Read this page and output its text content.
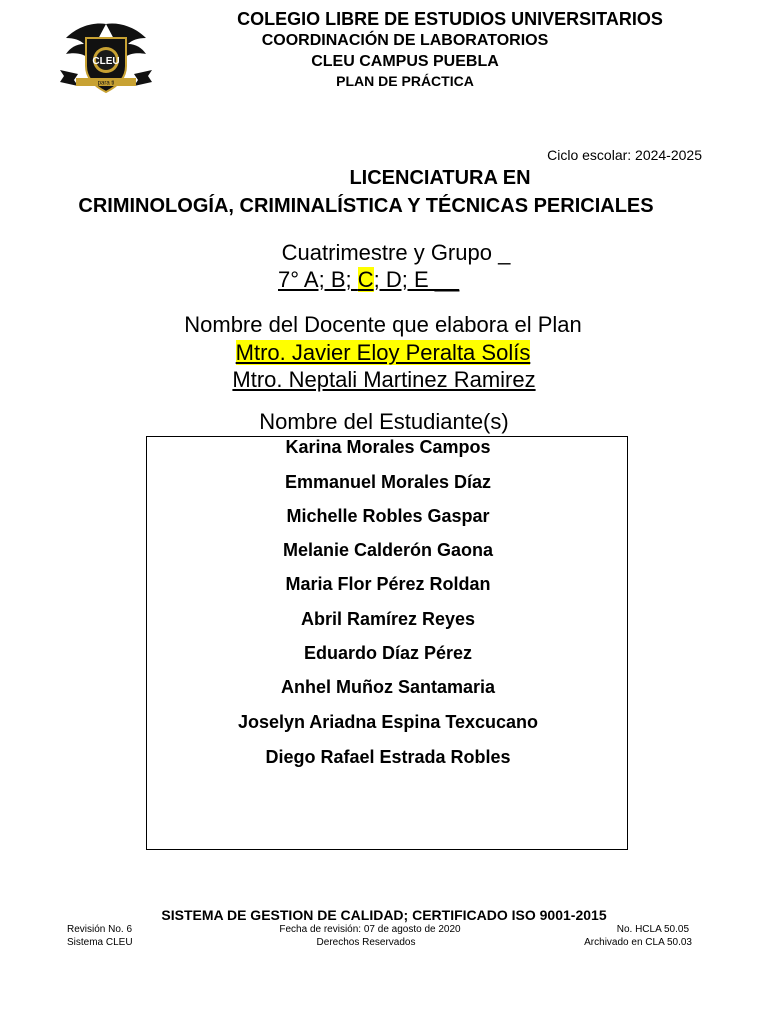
CLEU
para ti
COLEGIO LIBRE DE ESTUDIOS UNIVERSITARIOS
COORDINACIÓN DE LABORATORIOS
CLEU CAMPUS PUEBLA
PLAN DE PRÁCTICA
Ciclo escolar: 2024-2025
LICENCIATURA EN
CRIMINOLOGÍA, CRIMINALÍSTICA Y TÉCNICAS PERICIALES
Cuatrimestre y Grupo _
7° A; B; C; D; E __
Nombre del Docente que elabora el Plan
Mtro. Javier Eloy Peralta Solís
Mtro. Neptali Martinez Ramirez
Nombre del Estudiante(s)
Karina Morales Campos
Emmanuel Morales Díaz
Michelle Robles Gaspar
Melanie Calderón Gaona
Maria Flor Pérez Roldan
Abril Ramírez Reyes
Eduardo Díaz Pérez
Anhel Muñoz Santamaria
Joselyn Ariadna Espina Texcucano
Diego Rafael Estrada Robles
SISTEMA DE GESTION DE CALIDAD; CERTIFICADO ISO 9001-2015
Revisión No. 6
Sistema CLEU
Fecha de revisión: 07 de agosto de 2020
Derechos Reservados
No. HCLA 50.05
Archivado en CLA 50.03
